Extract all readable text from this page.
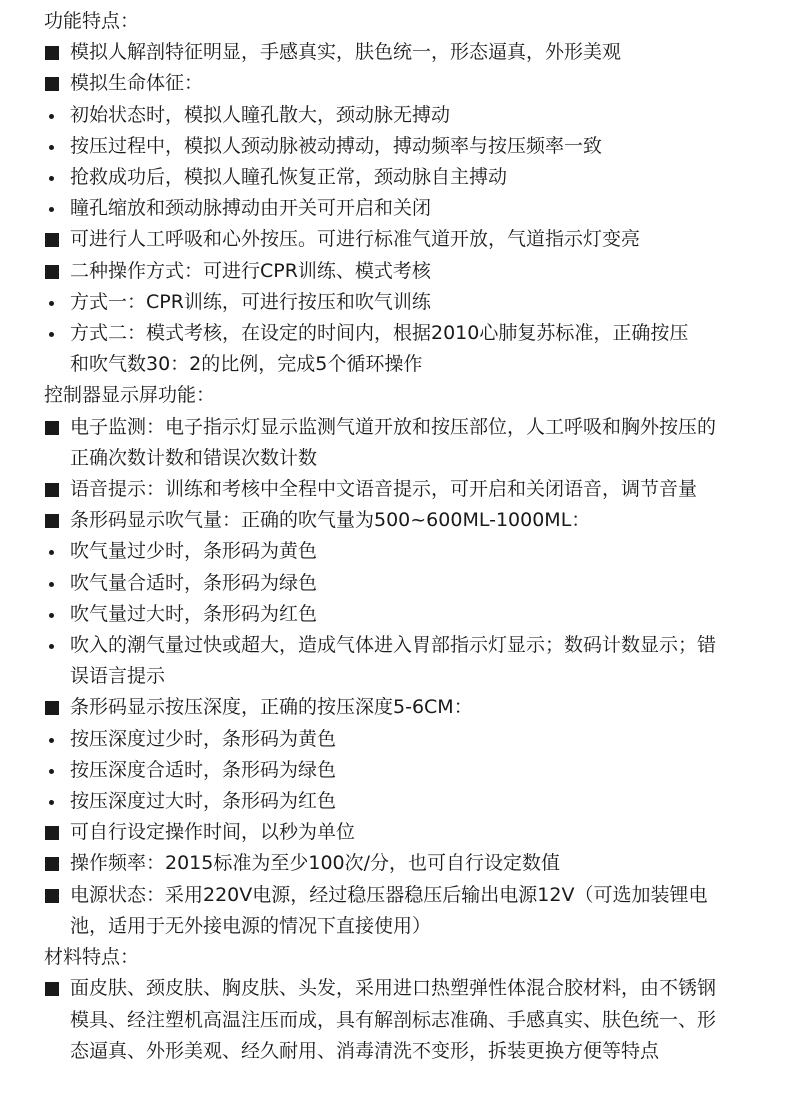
功能特点：
模拟人解剖特征明显，手感真实，肤色统一，形态逼真，外形美观
模拟生命体征：
初始状态时，模拟人瞳孔散大，颈动脉无搏动
按压过程中，模拟人颈动脉被动搏动，搏动频率与按压频率一致
抢救成功后，模拟人瞳孔恢复正常，颈动脉自主搏动
瞳孔缩放和颈动脉搏动由开关可开启和关闭
可进行人工呼吸和心外按压。可进行标准气道开放，气道指示灯变亮
二种操作方式：可进行CPR训练、模式考核
方式一：CPR训练，可进行按压和吹气训练
方式二：模式考核，在设定的时间内，根据2010心肺复苏标准，正确按压
和吹气数30：2的比例，完成5个循环操作
控制器显示屏功能：
电子监测：电子指示灯显示监测气道开放和按压部位，人工呼吸和胸外按压的
正确次数计数和错误次数计数
语音提示：训练和考核中全程中文语音提示，可开启和关闭语音，调节音量
条形码显示吹气量：正确的吹气量为500~600ML-1000ML：
吹气量过少时，条形码为黄色
吹气量合适时，条形码为绿色
吹气量过大时，条形码为红色
吹入的潮气量过快或超大，造成气体进入胃部指示灯显示；数码计数显示；错
误语言提示
条形码显示按压深度，正确的按压深度5-6CM：
按压深度过少时，条形码为黄色
按压深度合适时，条形码为绿色
按压深度过大时，条形码为红色
可自行设定操作时间，以秒为单位
操作频率：2015标准为至少100次/分，也可自行设定数值
电源状态：采用220V电源，经过稳压器稳压后输出电源12V（可选加装锂电
池，适用于无外接电源的情况下直接使用）
材料特点：
面皮肤、颈皮肤、胸皮肤、头发，采用进口热塑弹性体混合胶材料，由不锈钢
模具、经注塑机高温注压而成，具有解剖标志准确、手感真实、肤色统一、形
态逼真、外形美观、经久耐用、消毒清洗不变形，拆装更换方便等特点
